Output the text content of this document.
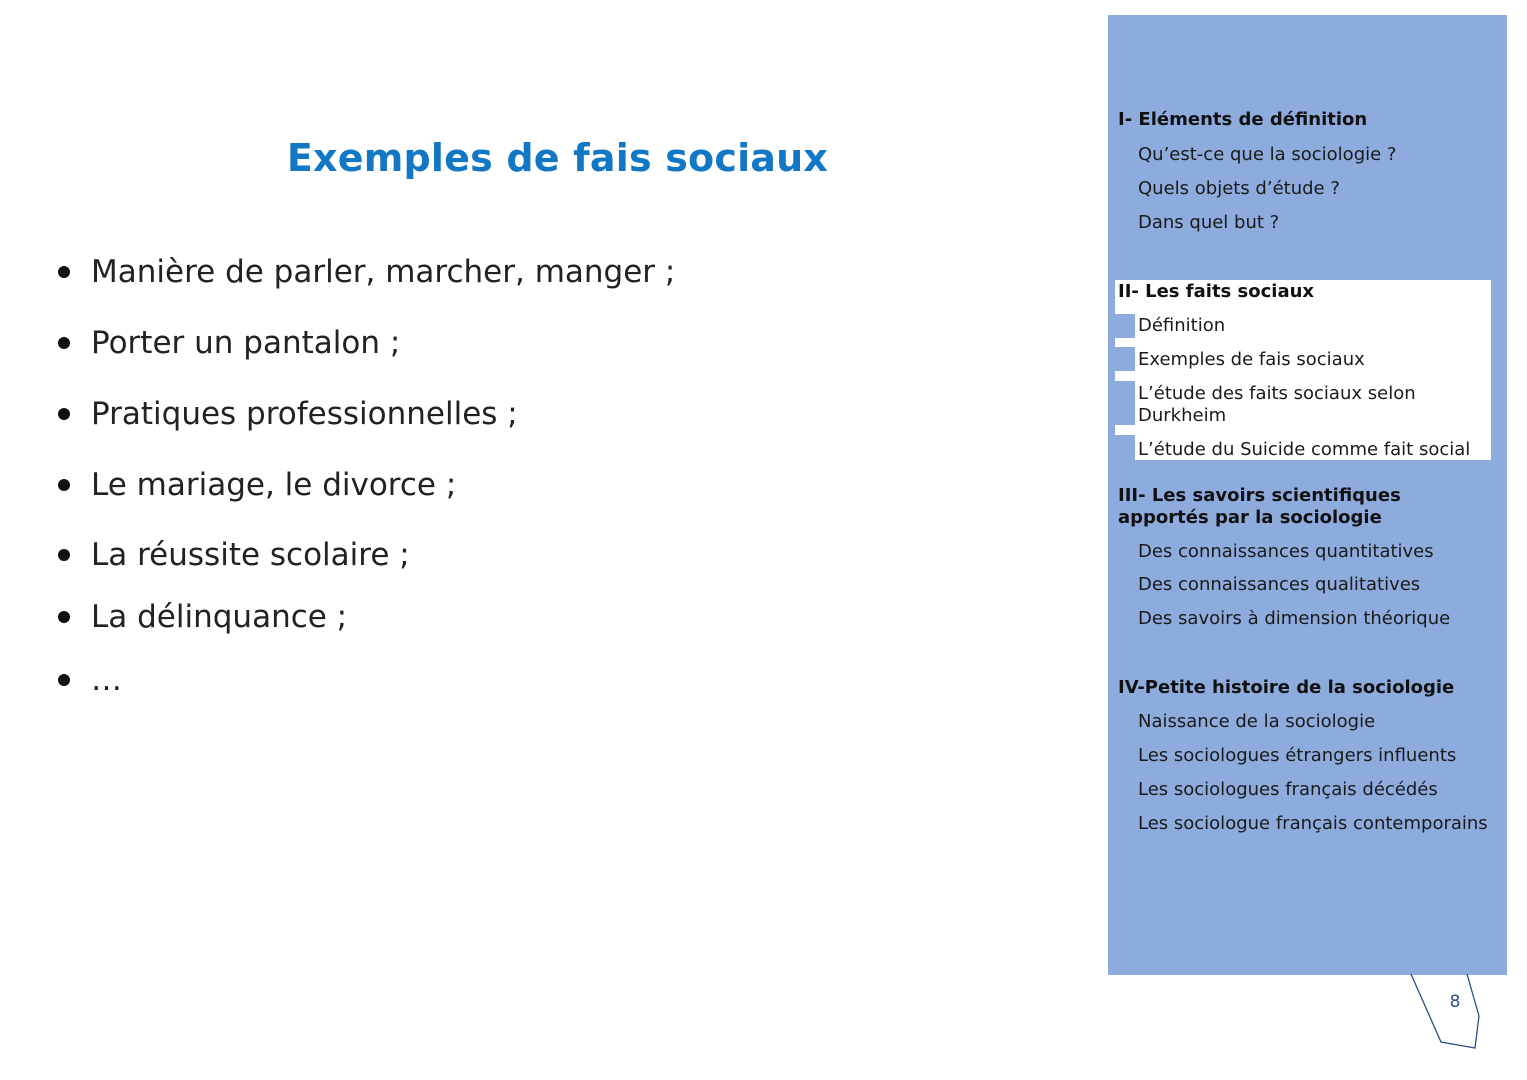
Exemples de fais sociaux
Manière de parler, marcher, manger ;
Porter un pantalon ;
Pratiques professionnelles ;
Le mariage, le divorce ;
La réussite scolaire ;
La délinquance ;
…
I- Eléments de définition
Qu’est-ce que la sociologie ?
Quels objets d’étude ?
Dans quel but ?
II- Les faits sociaux
Définition
Exemples de fais sociaux
L’étude des faits sociaux selon Durkheim
L’étude du Suicide comme fait social
III- Les savoirs scientifiques apportés par la sociologie
Des connaissances quantitatives
Des connaissances qualitatives
Des savoirs à dimension théorique
IV-Petite histoire de la sociologie
Naissance de la sociologie
Les sociologues étrangers influents
Les sociologues français décédés
Les sociologue français contemporains
8
